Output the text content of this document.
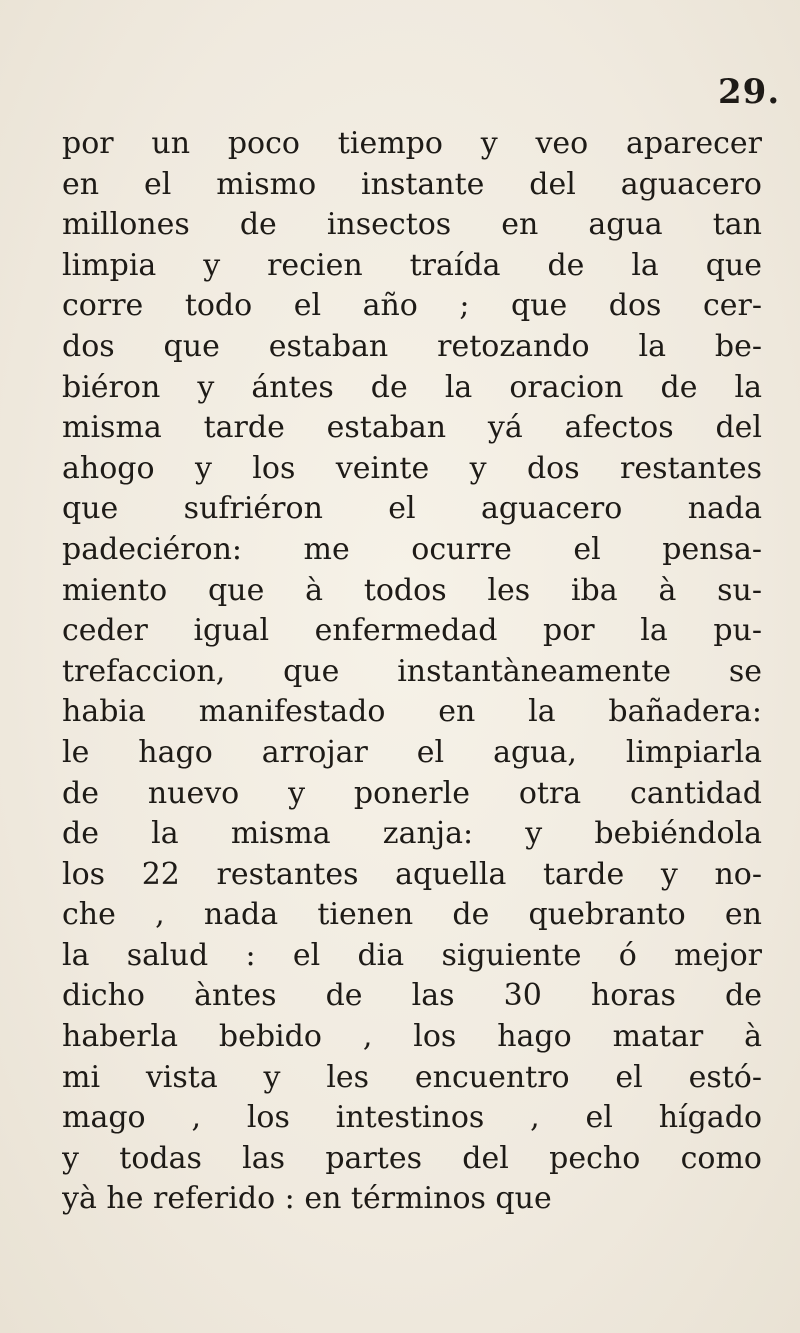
29.
por un poco tiempo y veo aparecer
en el mismo instante del aguacero
millones de insectos en agua tan
limpia y recien traída de la que
corre todo el año ; que dos cer-
dos que estaban retozando la be-
biéron y ántes de la oracion de la
misma tarde estaban yá afectos del
ahogo y los veinte y dos restantes
que sufriéron el aguacero nada
padeciéron: me ocurre el pensa-
miento que à todos les iba à su-
ceder igual enfermedad por la pu-
trefaccion, que instantàneamente se
habia manifestado en la bañadera:
le hago arrojar el agua, limpiarla
de nuevo y ponerle otra cantidad
de la misma zanja: y bebiéndola
los 22 restantes aquella tarde y no-
che , nada tienen de quebranto en
la salud : el dia siguiente ó mejor
dicho àntes de las 30 horas de
haberla bebido , los hago matar à
mi vista y les encuentro el estó-
mago , los intestinos , el hígado
y todas las partes del pecho como
yà he referido : en términos que
